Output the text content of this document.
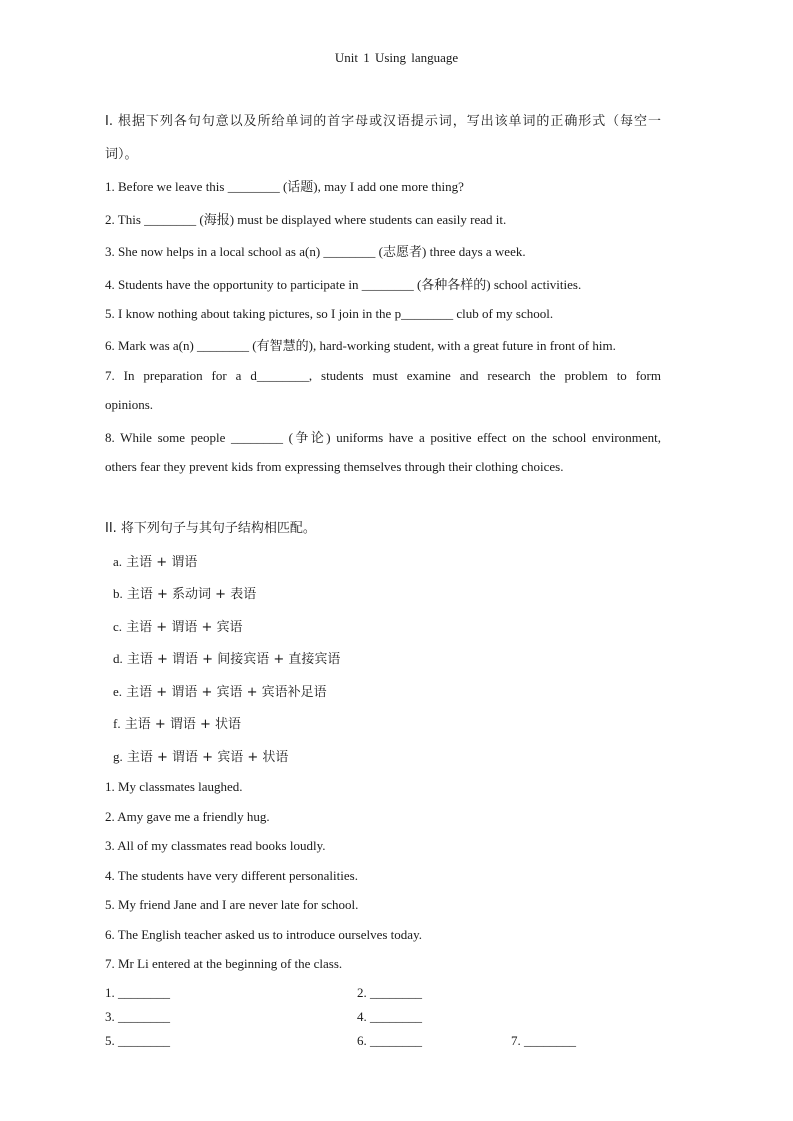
Unit 1 Using language
I. 根据下列各句句意以及所给单词的首字母或汉语提示词，写出该单词的正确形式（每空一
词）。
1. Before we leave this ________ (话题), may I add one more thing?
2. This ________ (海报) must be displayed where students can easily read it.
3. She now helps in a local school as a(n) ________ (志愿者) three days a week.
4. Students have the opportunity to participate in ________ (各种各样的) school activities.
5. I know nothing about taking pictures, so I join in the p________ club of my school.
6. Mark was a(n) ________ (有智慧的), hard-working student, with a great future in front of him.
7. In preparation for a d________, students must examine and research the problem to form
opinions.
8. While some people ________ (争论) uniforms have a positive effect on the school environment,
others fear they prevent kids from expressing themselves through their clothing choices.
II. 将下列句子与其句子结构相匹配。
a. 主语 + 谓语
b. 主语 + 系动词 + 表语
c. 主语 + 谓语 + 宾语
d. 主语 + 谓语 + 间接宾语 + 直接宾语
e. 主语 + 谓语 + 宾语 + 宾语补足语
f. 主语 + 谓语 + 状语
g. 主语 + 谓语 + 宾语 + 状语
1. My classmates laughed.
2. Amy gave me a friendly hug.
3. All of my classmates read books loudly.
4. The students have very different personalities.
5. My friend Jane and I are never late for school.
6. The English teacher asked us to introduce ourselves today.
7. Mr Li entered at the beginning of the class.
1. ________	2. ________
3. ________	4. ________
5. ________	6. ________	7. ________
